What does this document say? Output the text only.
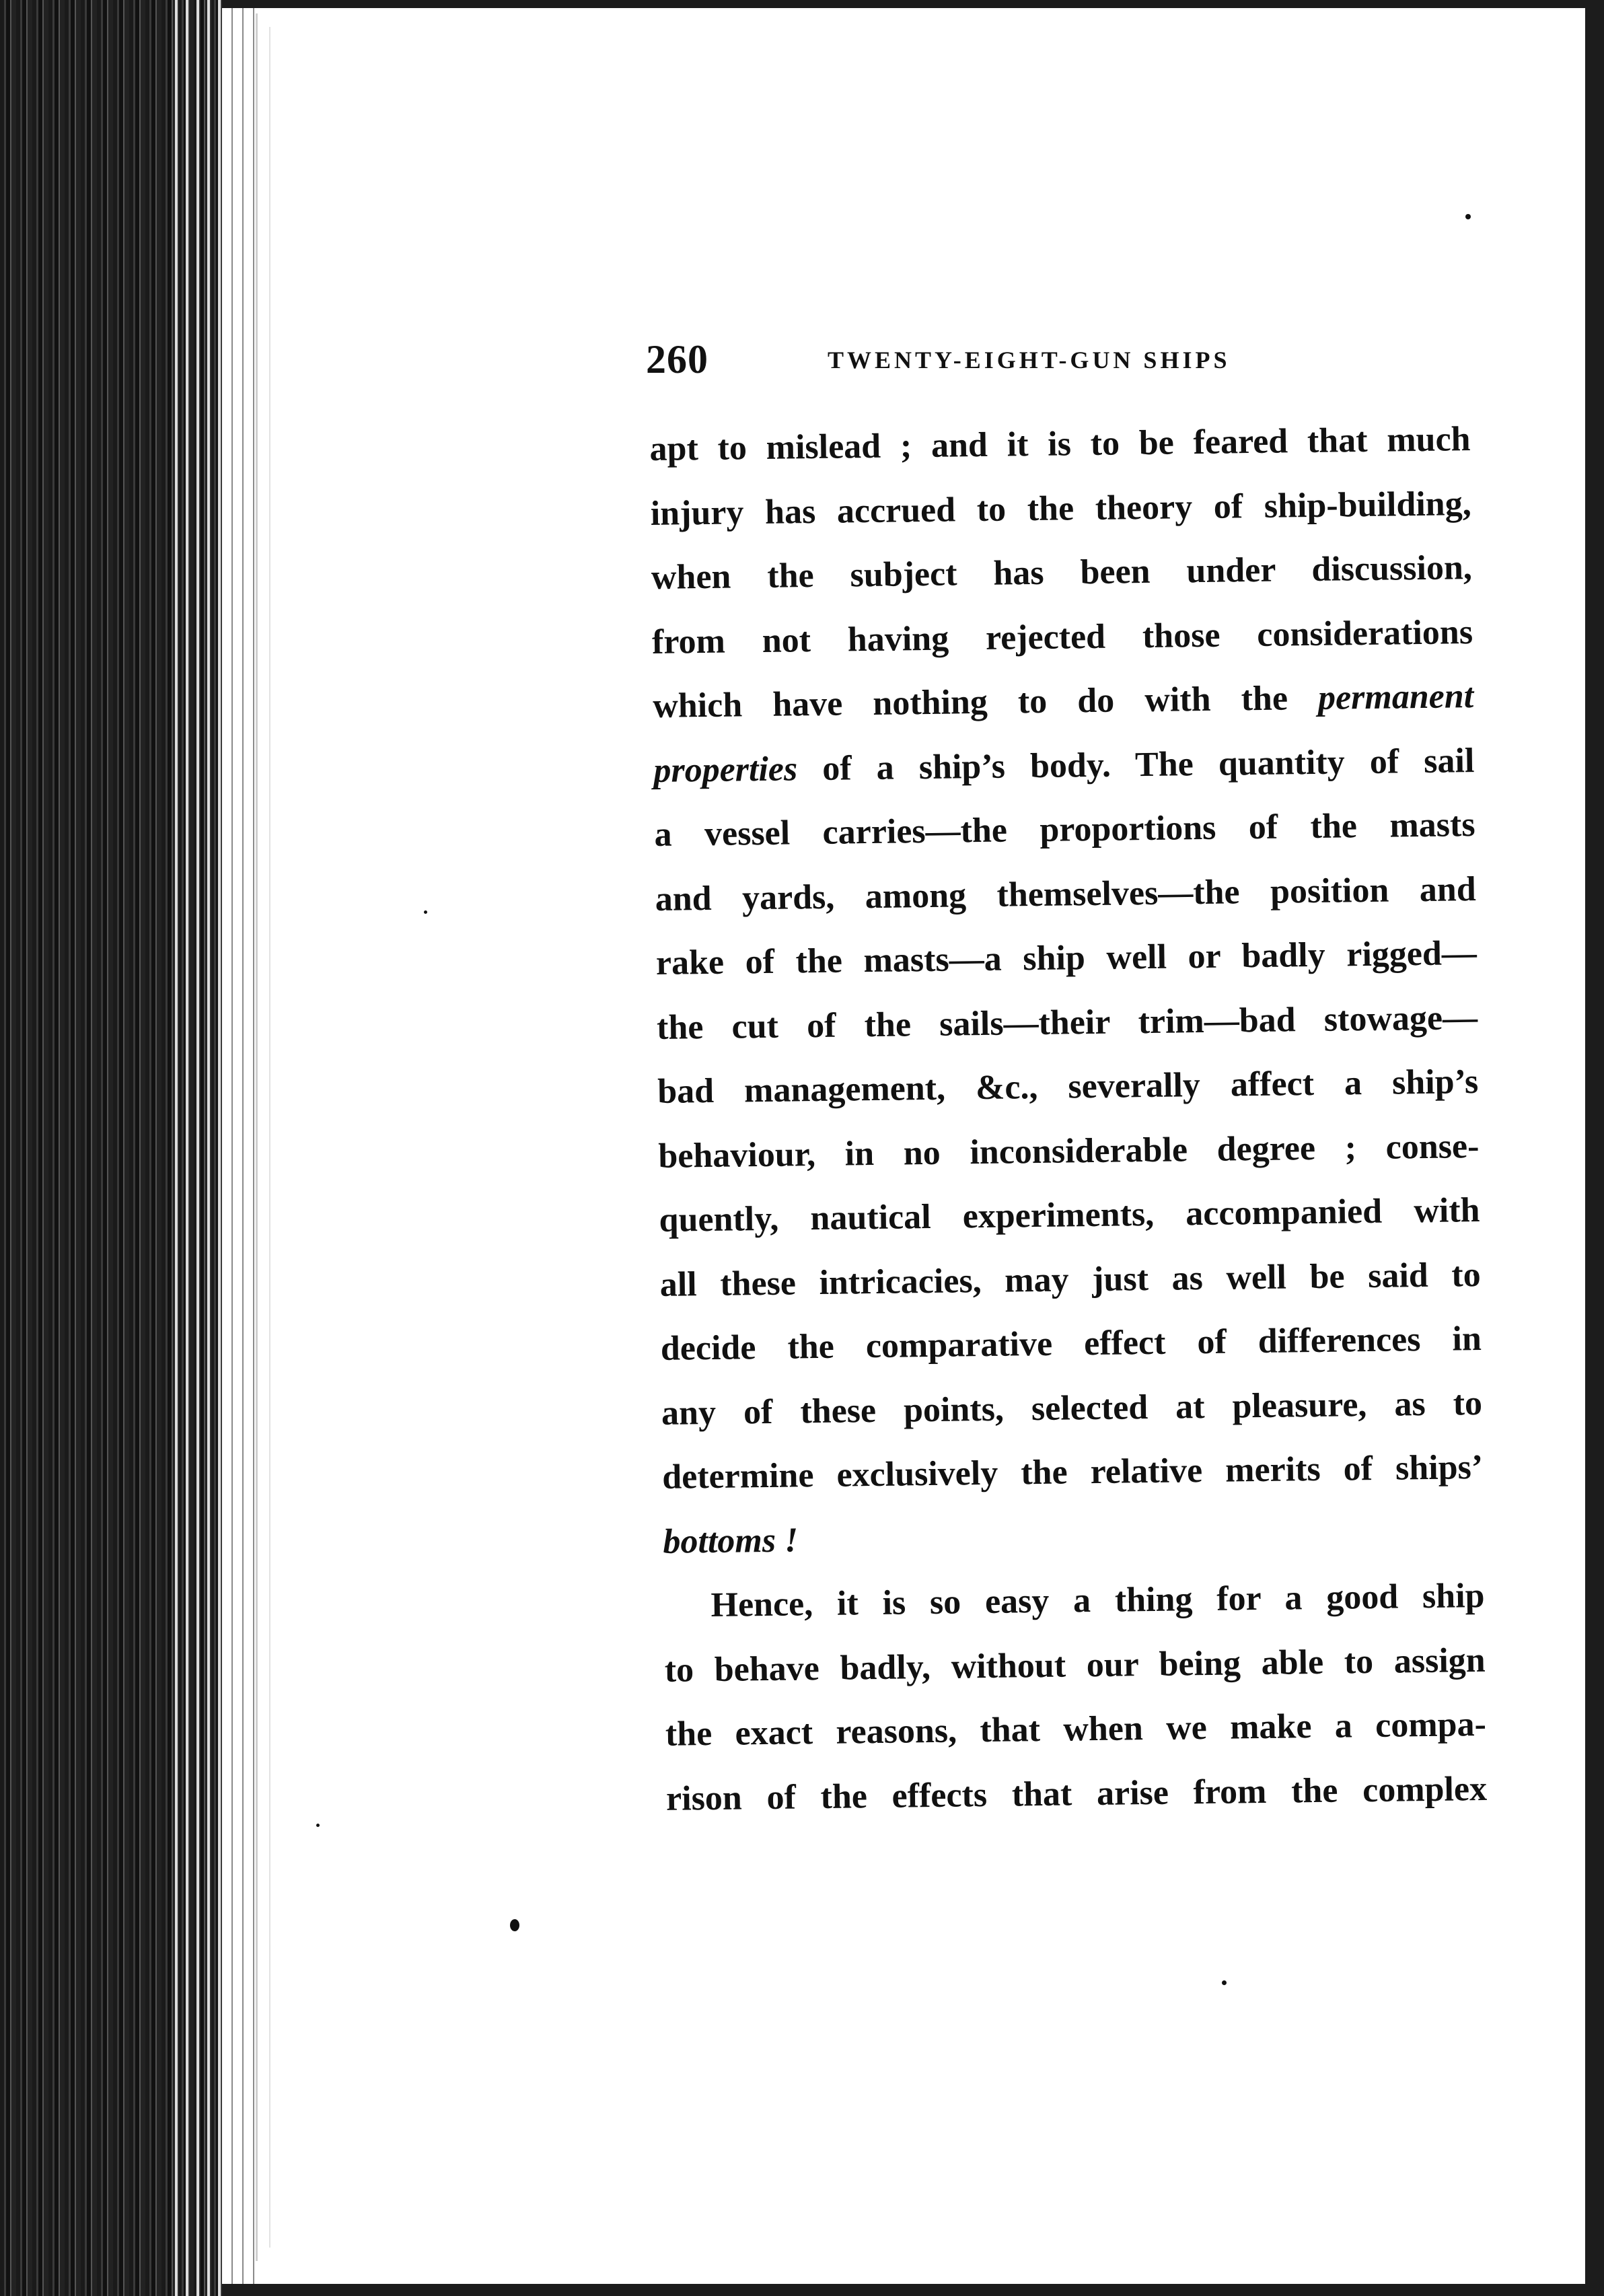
260	TWENTY-EIGHT-GUN SHIPS
apt to mislead ; and it is to be feared that much
injury has accrued to the theory of ship-building,
when the subject has been under discussion,
from not having rejected those considerations
which have nothing to do with the permanent
properties of a ship’s body. The quantity of sail
a vessel carries—the proportions of the masts
and yards, among themselves—the position and
rake of the masts—a ship well or badly rigged—
the cut of the sails—their trim—bad stowage—
bad management, &c., severally affect a ship’s
behaviour, in no inconsiderable degree ; conse-
quently, nautical experiments, accompanied with
all these intricacies, may just as well be said to
decide the comparative effect of differences in
any of these points, selected at pleasure, as to
determine exclusively the relative merits of ships’
bottoms !
Hence, it is so easy a thing for a good ship
to behave badly, without our being able to assign
the exact reasons, that when we make a compa-
rison of the effects that arise from the complex
